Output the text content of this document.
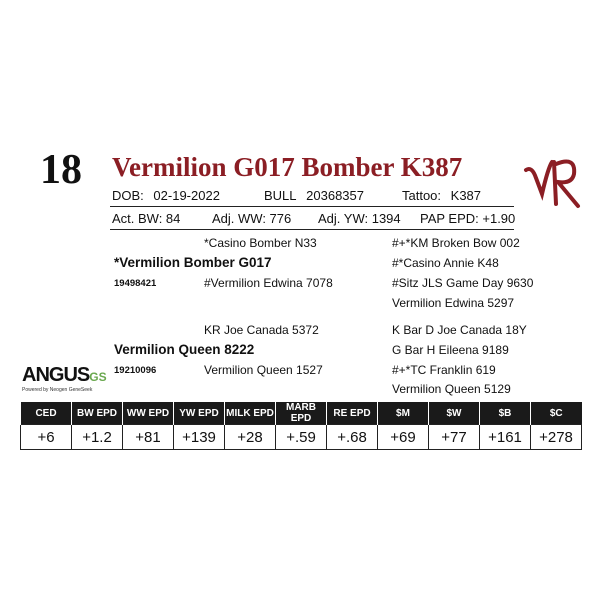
18 Vermilion G017 Bomber K387
DOB: 02-19-2022	BULL 20368357	Tattoo: K387
Act. BW: 84 Adj. WW: 776 Adj. YW: 1394 PAP EPD: +1.90
*Casino Bomber N33
*Vermilion Bomber G017
19498421	#Vermilion Edwina 7078
#+*KM Broken Bow 002
#*Casino Annie K48
#Sitz JLS Game Day 9630
Vermilion Edwina 5297
KR Joe Canada 5372
Vermilion Queen 8222
19210096	Vermilion Queen 1527
K Bar D Joe Canada 18Y
G Bar H Eileena 9189
#+*TC Franklin 619
Vermilion Queen 5129
ANGUSGS
Powered by Neogen GeneSeek
CED	BW EPD	WW EPD	YW EPD	MILK EPD	MARB EPD	RE EPD	$M	$W	$B	$C
+6	+1.2	+81	+139	+28	+.59	+.68	+69	+77	+161	+278
